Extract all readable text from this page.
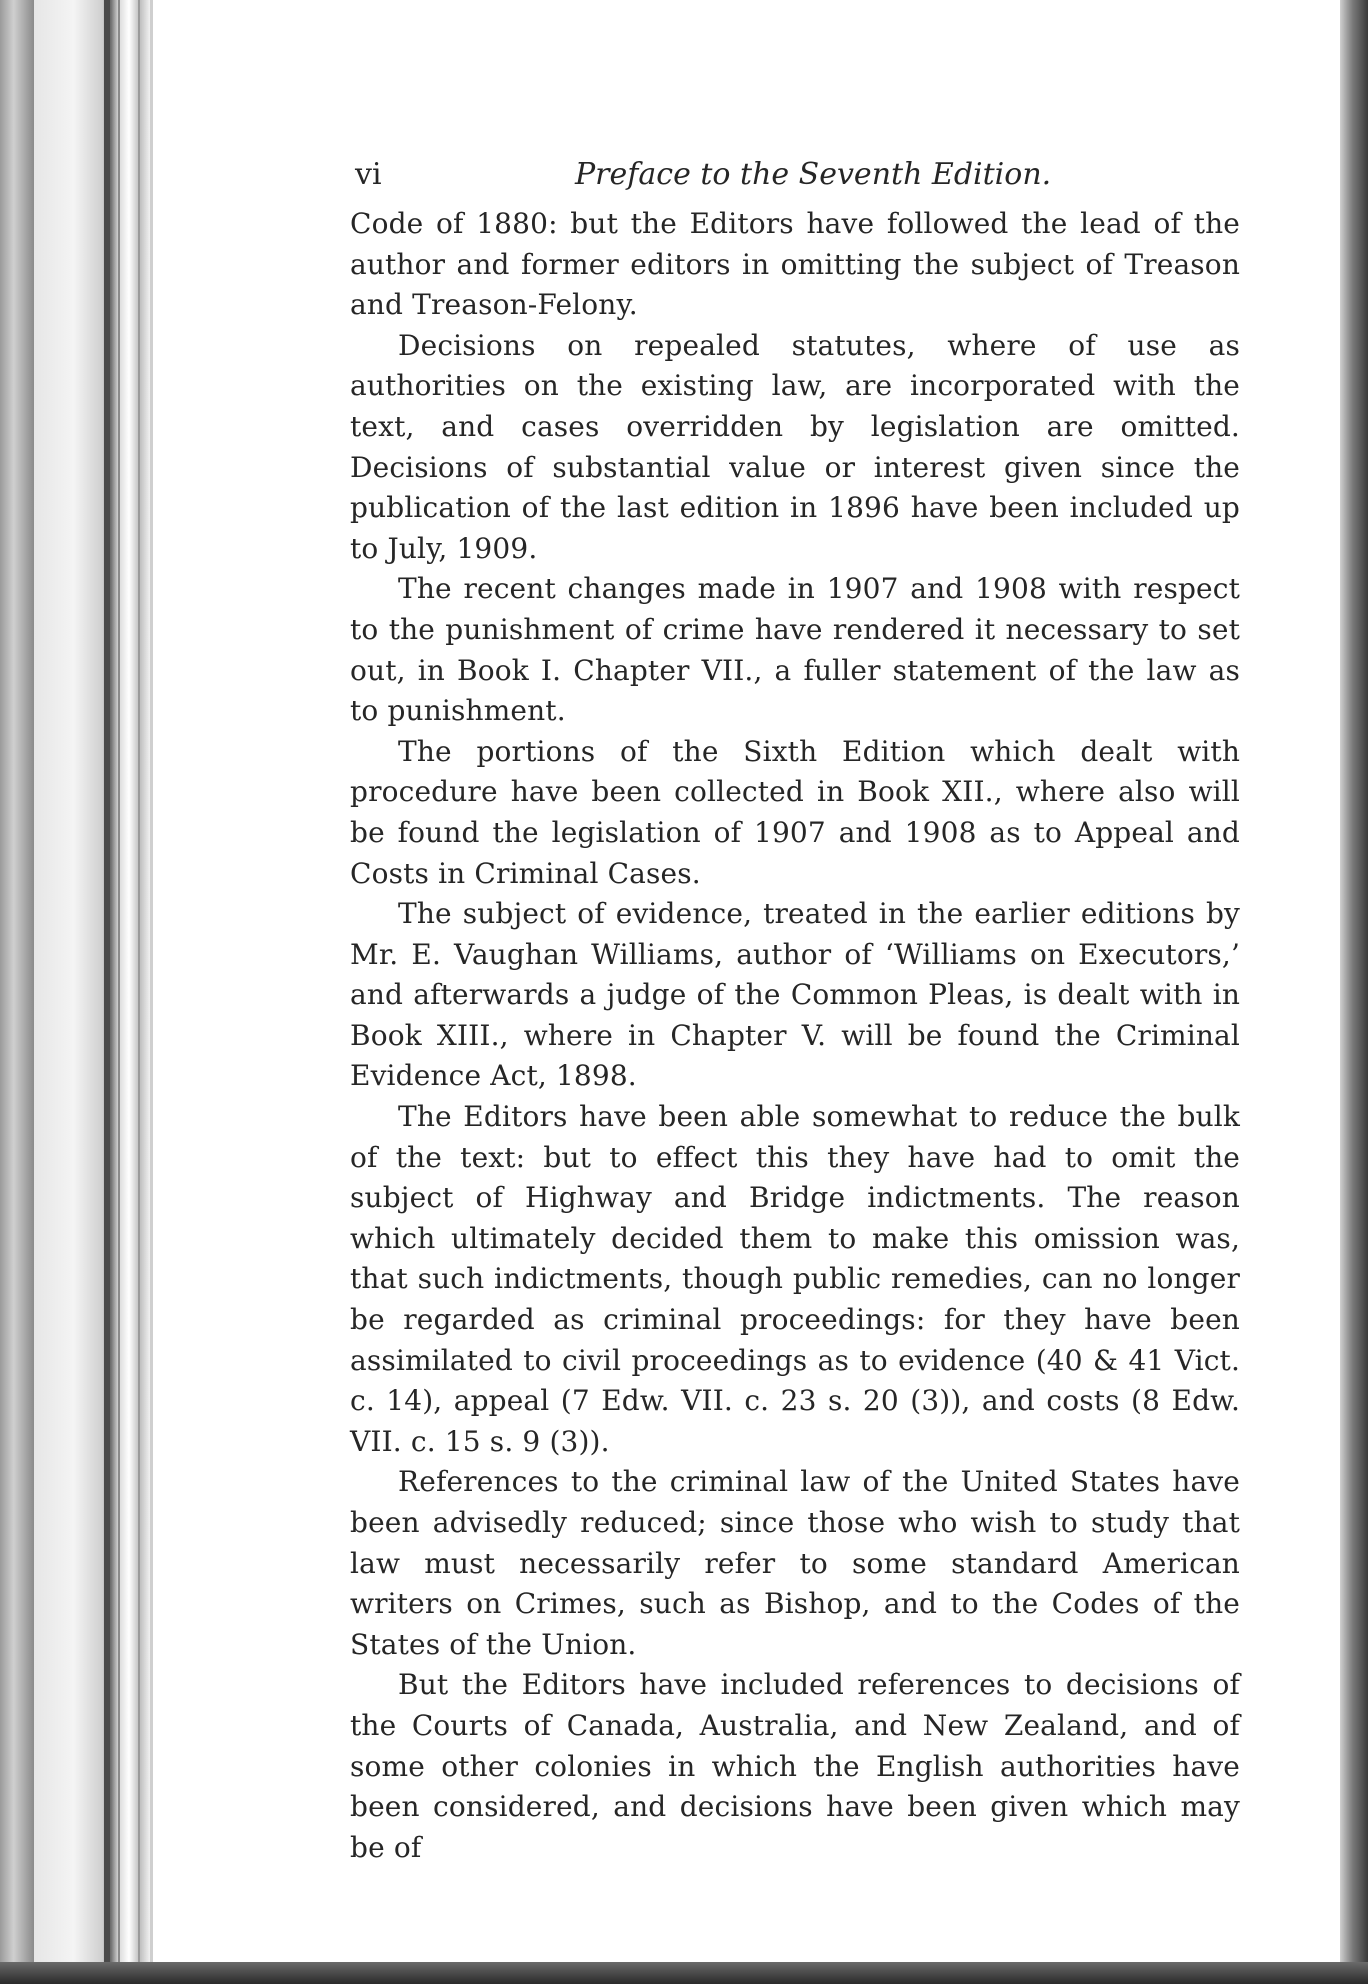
vi	Preface to the Seventh Edition.

Code of 1880: but the Editors have followed the lead of the author and former editors in omitting the subject of Treason and Treason-Felony.

Decisions on repealed statutes, where of use as authorities on the existing law, are incorporated with the text, and cases overridden by legislation are omitted. Decisions of substantial value or interest given since the publication of the last edition in 1896 have been included up to July, 1909.

The recent changes made in 1907 and 1908 with respect to the punishment of crime have rendered it necessary to set out, in Book I. Chapter VII., a fuller statement of the law as to punishment.

The portions of the Sixth Edition which dealt with procedure have been collected in Book XII., where also will be found the legislation of 1907 and 1908 as to Appeal and Costs in Criminal Cases.

The subject of evidence, treated in the earlier editions by Mr. E. Vaughan Williams, author of ‘Williams on Executors,’ and afterwards a judge of the Common Pleas, is dealt with in Book XIII., where in Chapter V. will be found the Criminal Evidence Act, 1898.

The Editors have been able somewhat to reduce the bulk of the text: but to effect this they have had to omit the subject of Highway and Bridge indictments. The reason which ultimately decided them to make this omission was, that such indictments, though public remedies, can no longer be regarded as criminal proceedings: for they have been assimilated to civil proceedings as to evidence (40 & 41 Vict. c. 14), appeal (7 Edw. VII. c. 23 s. 20 (3)), and costs (8 Edw. VII. c. 15 s. 9 (3)).

References to the criminal law of the United States have been advisedly reduced; since those who wish to study that law must necessarily refer to some standard American writers on Crimes, such as Bishop, and to the Codes of the States of the Union.

But the Editors have included references to decisions of the Courts of Canada, Australia, and New Zealand, and of some other colonies in which the English authorities have been considered, and decisions have been given which may be of
